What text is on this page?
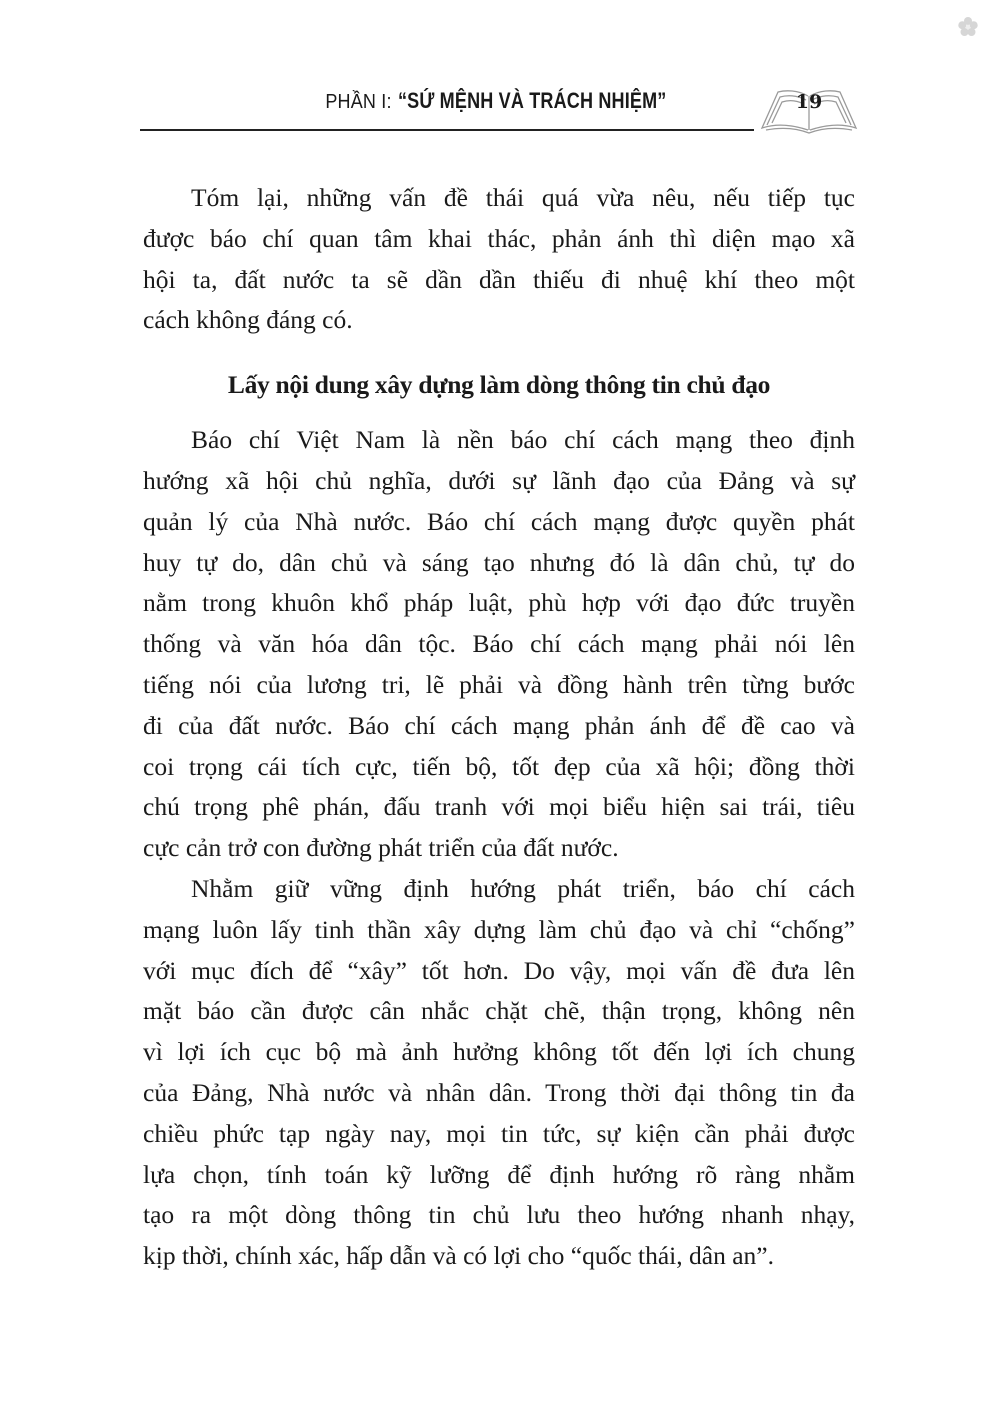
PHẦN I: “SỨ MỆNH VÀ TRÁCH NHIỆM”	19
Tóm lại, những vấn đề thái quá vừa nêu, nếu tiếp tục
được báo chí quan tâm khai thác, phản ánh thì diện mạo xã
hội ta, đất nước ta sẽ dần dần thiếu đi nhuệ khí theo một
cách không đáng có.
Lấy nội dung xây dựng làm dòng thông tin chủ đạo
Báo chí Việt Nam là nền báo chí cách mạng theo định
hướng xã hội chủ nghĩa, dưới sự lãnh đạo của Đảng và sự
quản lý của Nhà nước. Báo chí cách mạng được quyền phát
huy tự do, dân chủ và sáng tạo nhưng đó là dân chủ, tự do
nằm trong khuôn khổ pháp luật, phù hợp với đạo đức truyền
thống và văn hóa dân tộc. Báo chí cách mạng phải nói lên
tiếng nói của lương tri, lẽ phải và đồng hành trên từng bước
đi của đất nước. Báo chí cách mạng phản ánh để đề cao và
coi trọng cái tích cực, tiến bộ, tốt đẹp của xã hội; đồng thời
chú trọng phê phán, đấu tranh với mọi biểu hiện sai trái, tiêu
cực cản trở con đường phát triển của đất nước.
Nhằm giữ vững định hướng phát triển, báo chí cách
mạng luôn lấy tinh thần xây dựng làm chủ đạo và chỉ “chống”
với mục đích để “xây” tốt hơn. Do vậy, mọi vấn đề đưa lên
mặt báo cần được cân nhắc chặt chẽ, thận trọng, không nên
vì lợi ích cục bộ mà ảnh hưởng không tốt đến lợi ích chung
của Đảng, Nhà nước và nhân dân. Trong thời đại thông tin đa
chiều phức tạp ngày nay, mọi tin tức, sự kiện cần phải được
lựa chọn, tính toán kỹ lưỡng để định hướng rõ ràng nhằm
tạo ra một dòng thông tin chủ lưu theo hướng nhanh nhạy,
kịp thời, chính xác, hấp dẫn và có lợi cho “quốc thái, dân an”.
